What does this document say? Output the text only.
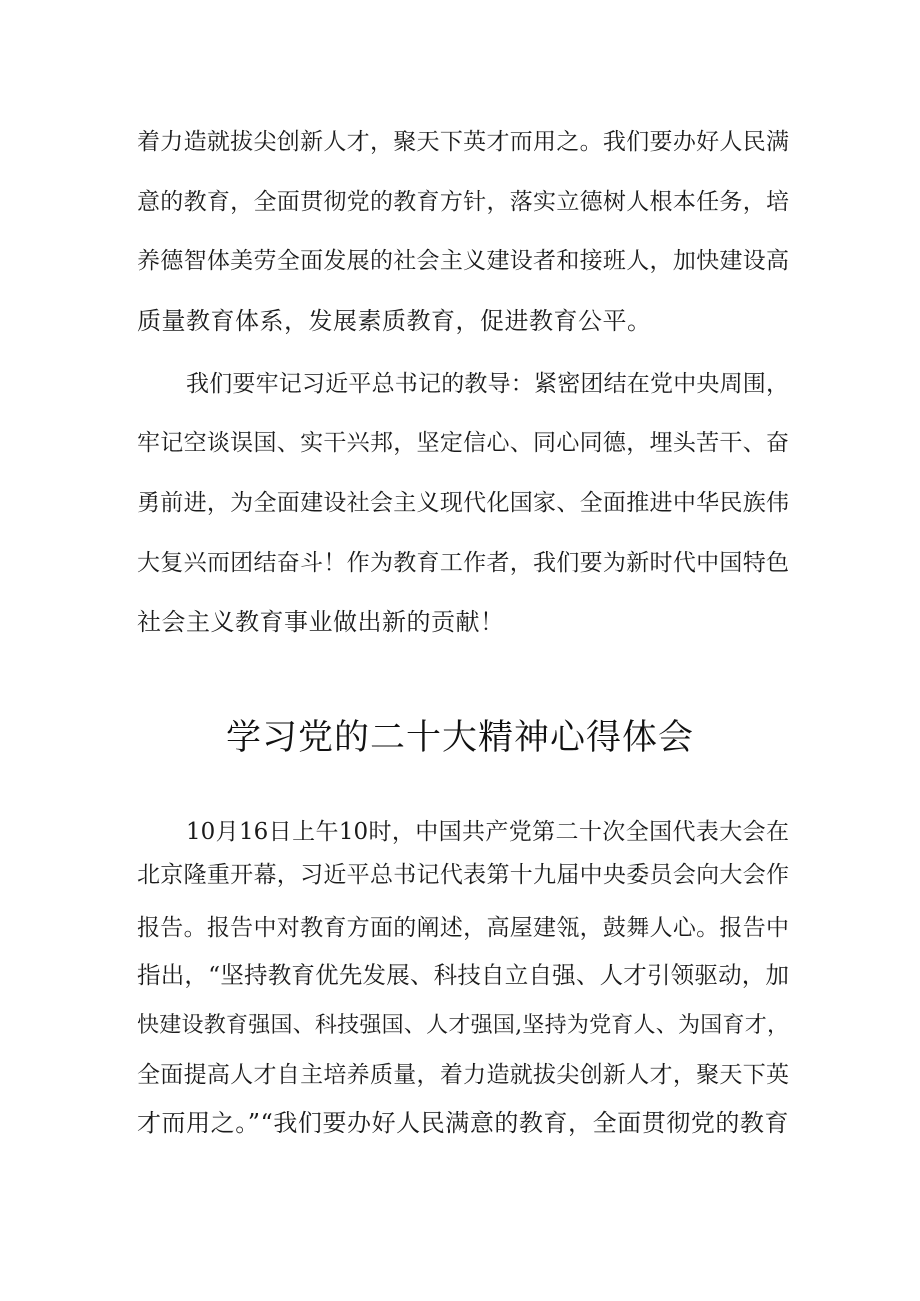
着力造就拔尖创新人才，聚天下英才而用之。我们要办好人民满
意的教育，全面贯彻党的教育方针，落实立德树人根本任务，培
养德智体美劳全面发展的社会主义建设者和接班人，加快建设高
质量教育体系，发展素质教育，促进教育公平。
我们要牢记习近平总书记的教导：紧密团结在党中央周围，
牢记空谈误国、实干兴邦，坚定信心、同心同德，埋头苦干、奋
勇前进，为全面建设社会主义现代化国家、全面推进中华民族伟
大复兴而团结奋斗！作为教育工作者，我们要为新时代中国特色
社会主义教育事业做出新的贡献！
学习党的二十大精神心得体会
10月16日上午10时，中国共产党第二十次全国代表大会在
北京隆重开幕，习近平总书记代表第十九届中央委员会向大会作
报告。报告中对教育方面的阐述，高屋建瓴，鼓舞人心。报告中
指出，“坚持教育优先发展、科技自立自强、人才引领驱动，加
快建设教育强国、科技强国、人才强国,坚持为党育人、为国育才，
全面提高人才自主培养质量，着力造就拔尖创新人才，聚天下英
才而用之。”“我们要办好人民满意的教育，全面贯彻党的教育
